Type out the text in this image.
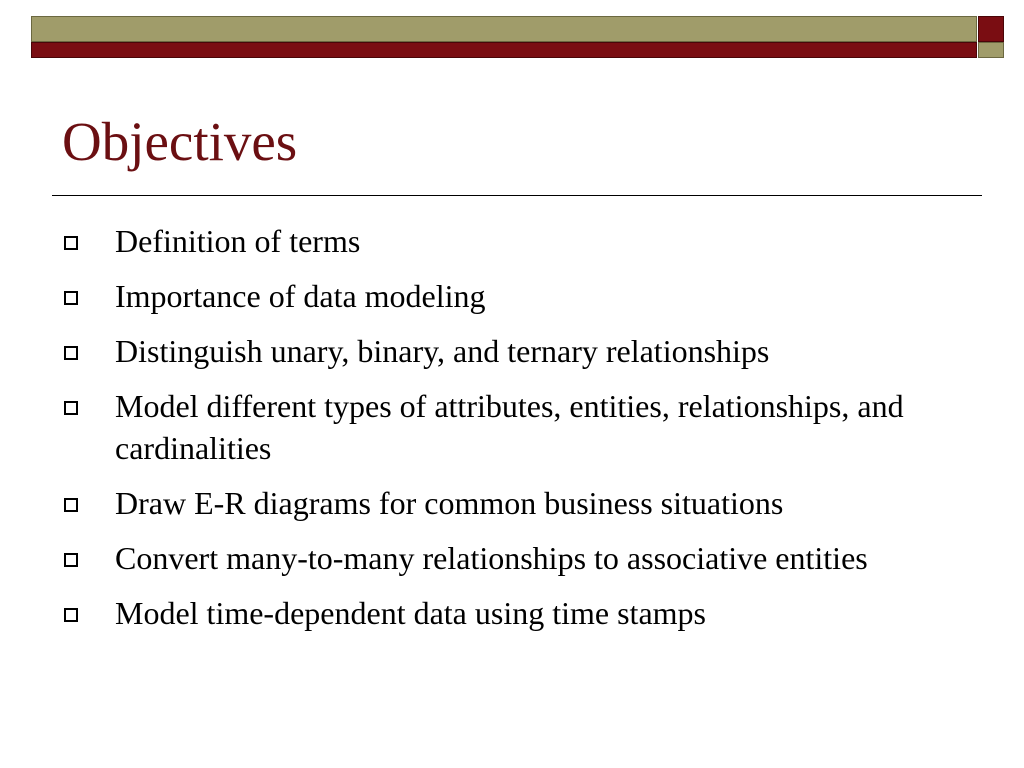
Objectives
Definition of terms
Importance of data modeling
Distinguish unary, binary, and ternary relationships
Model different types of attributes, entities, relationships, and cardinalities
Draw E-R diagrams for common business situations
Convert many-to-many relationships to associative entities
Model time-dependent data using time stamps
